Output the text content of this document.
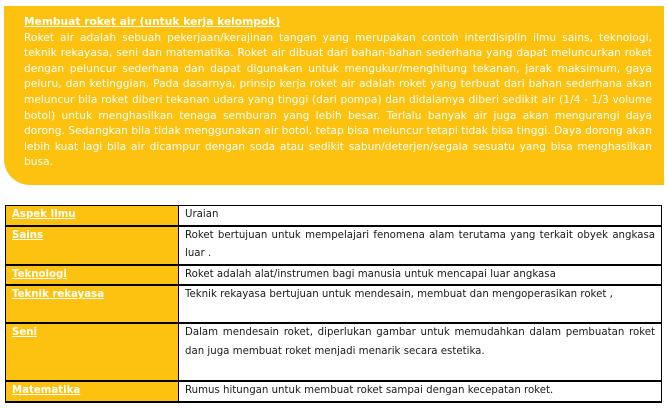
Membuat roket air (untuk kerja kelompok)

Roket air adalah sebuah pekerjaan/kerajinan tangan yang merupakan contoh interdisiplin ilmu sains, teknologi, teknik rekayasa, seni dan matematika. Roket air dibuat dari bahan-bahan sederhana yang dapat meluncurkan roket dengan peluncur sederhana dan dapat digunakan untuk mengukur/menghitung tekanan, jarak maksimum, gaya peluru, dan ketinggian. Pada dasarnya, prinsip kerja roket air adalah roket yang terbuat dari bahan sederhana akan meluncur bila roket diberi tekanan udara yang tinggi (dari pompa) dan didalamya diberi sedikit air (1/4 - 1/3 volume botol) untuk menghasilkan tenaga semburan yang lebih besar. Terlalu banyak air juga akan mengurangi daya dorong. Sedangkan bila tidak menggunakan air botol, tetap bisa meluncur tetapi tidak bisa tinggi. Daya dorong akan lebih kuat lagi bila air dicampur dengan soda atau sedikit sabun/deterjen/segala sesuatu yang bisa menghasilkan busa.

Aspek Ilmu	Uraian
Sains	Roket bertujuan untuk mempelajari fenomena alam terutama yang terkait obyek angkasa luar .
Teknologi	Roket adalah alat/instrumen bagi manusia untuk mencapai luar angkasa
Teknik rekayasa	Teknik rekayasa bertujuan untuk mendesain, membuat dan mengoperasikan roket ,
Seni	Dalam mendesain roket, diperlukan gambar untuk memudahkan dalam pembuatan roket dan juga membuat roket menjadi menarik secara estetika.
Matematika	Rumus hitungan untuk membuat roket sampai dengan kecepatan roket.
